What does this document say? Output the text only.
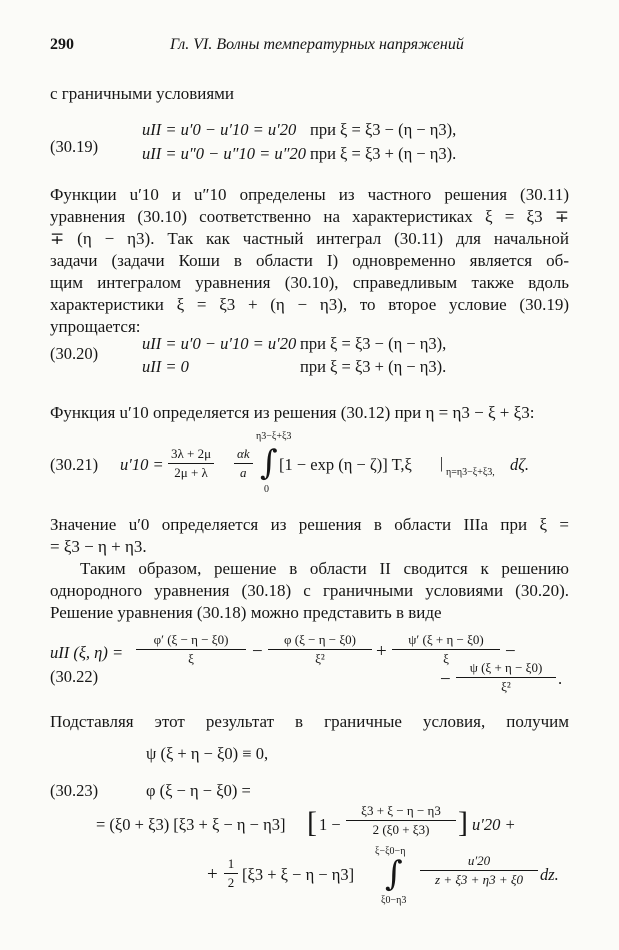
290	Гл. VI. Волны температурных напряжений
с граничными условиями
(30.19)
uII = u′0 − u′10 = u′20 при ξ = ξ3 − (η − η3),
uII = u″0 − u″10 = u″20 при ξ = ξ3 + (η − η3).
Функции u′10 и u″10 определены из частного решения (30.11)
уравнения (30.10) соответственно на характеристиках ξ = ξ3 ∓
∓ (η − η3). Так как частный интеграл (30.11) для начальной
задачи (задачи Коши в области I) одновременно является об-
щим интегралом уравнения (30.10), справедливым также вдоль
характеристики ξ = ξ3 + (η − η3), то второе условие (30.19)
упрощается:
(30.20)
uII = u′0 − u′10 = u′20 при ξ = ξ3 − (η − η3),
uII = 0	при ξ = ξ3 + (η − η3).
Функция u′10 определяется из решения (30.12) при η = η3 − ξ + ξ3:
(30.21) u′10 =
3λ + 2μ
2μ + λ
αk
a
η3−ξ+ξ3
∫
0
[1 − exp (η − ζ)] T,ξ |
η=η3−ξ+ξ3, dζ.
Значение u′0 определяется из решения в области IIIa при ξ =
= ξ3 − η + η3.
Таким образом, решение в области II сводится к решению
однородного уравнения (30.18) с граничными условиями (30.20).
Решение уравнения (30.18) можно представить в виде
uII (ξ, η) =
φ′ (ξ − η − ξ0)
ξ	−
φ (ξ − η − ξ0)
ξ²	+
ψ′ (ξ + η − ξ0)
ξ	−
(30.22)	−
ψ (ξ + η − ξ0)
ξ²	.
Подставляя этот результат в граничные условия, получим
ψ (ξ + η − ξ0) ≡ 0,
(30.23)	φ (ξ − η − ξ0) =
= (ξ0 + ξ3) [ξ3 + ξ − η − η3] [ 1 −
ξ3 + ξ − η − η3
2 (ξ0 + ξ3) ] u′20 +
+
1
2 [ξ3 + ξ − η − η3]
ξ−ξ0−η
∫
ξ0−η3
u′20
z + ξ3 + η3 + ξ0	dz.
